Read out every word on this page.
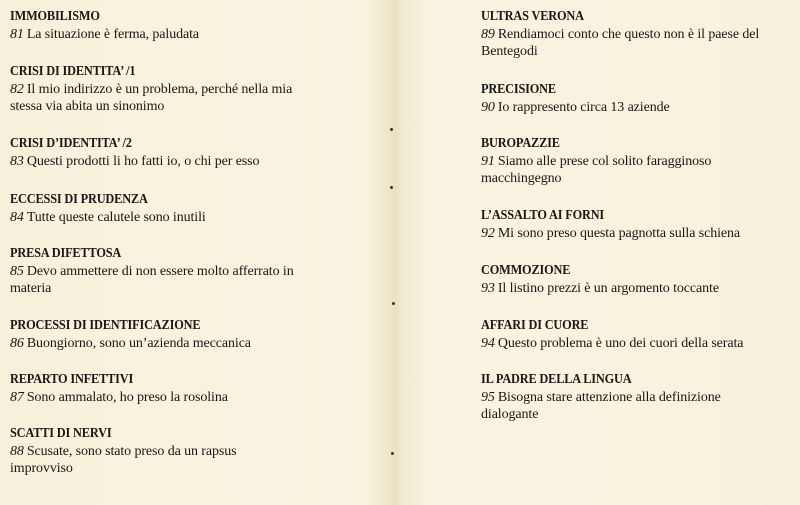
IMMOBILISMO
81 La situazione è ferma, paludata
CRISI DI IDENTITA’ /1
82 Il mio indirizzo è un problema, perché nella mia stessa via abita un sinonimo
CRISI D’IDENTITA’ /2
83 Questi prodotti li ho fatti io, o chi per esso
ECCESSI DI PRUDENZA
84 Tutte queste calutele sono inutili
PRESA DIFETTOSA
85 Devo ammettere di non essere molto afferrato in materia
PROCESSI DI IDENTIFICAZIONE
86 Buongiorno, sono un’azienda meccanica
REPARTO INFETTIVI
87 Sono ammalato, ho preso la rosolina
SCATTI DI NERVI
88 Scusate, sono stato preso da un rapsus improvviso
ULTRAS VERONA
89 Rendiamoci conto che questo non è il paese del Bentegodi
PRECISIONE
90 Io rappresento circa 13 aziende
BUROPAZZIE
91 Siamo alle prese col solito faragginoso macchingegno
L’ASSALTO AI FORNI
92 Mi sono preso questa pagnotta sulla schiena
COMMOZIONE
93 Il listino prezzi è un argomento toccante
AFFARI DI CUORE
94 Questo problema è uno dei cuori della serata
IL PADRE DELLA LINGUA
95 Bisogna stare attenzione alla definizione dialogante
